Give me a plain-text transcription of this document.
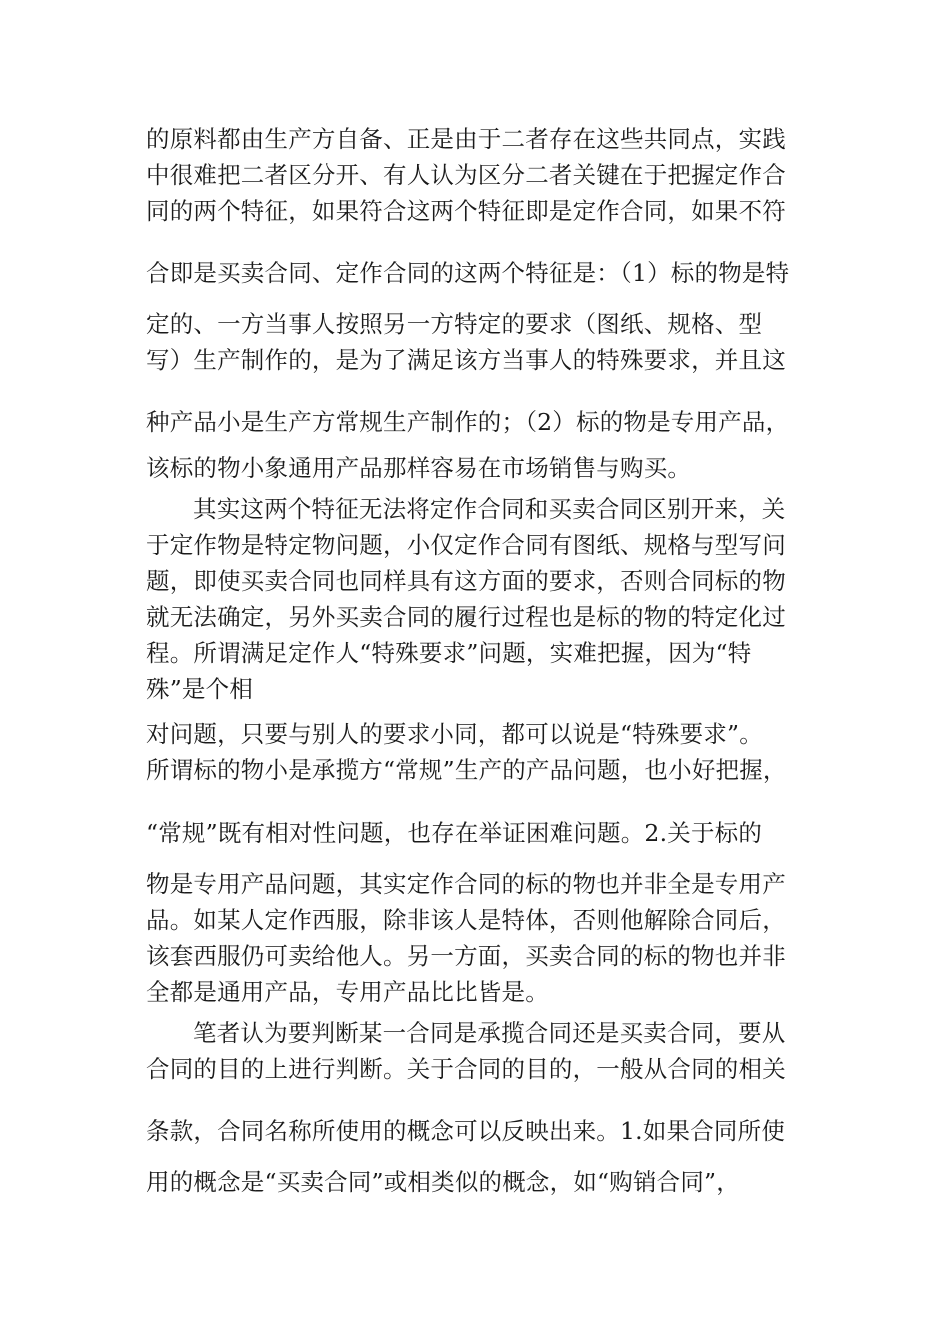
的原料都由生产方自备、正是由于二者存在这些共同点，实践
中很难把二者区分开、有人认为区分二者关键在于把握定作合
同的两个特征，如果符合这两个特征即是定作合同，如果不符
合即是买卖合同、定作合同的这两个特征是：（1）标的物是特
定的、一方当事人按照另一方特定的要求（图纸、规格、型
写）生产制作的，是为了满足该方当事人的特殊要求，并且这
种产品小是生产方常规生产制作的；（2）标的物是专用产品，
该标的物小象通用产品那样容易在市场销售与购买。
其实这两个特征无法将定作合同和买卖合同区别开来，关
于定作物是特定物问题，小仅定作合同有图纸、规格与型写问
题，即使买卖合同也同样具有这方面的要求，否则合同标的物
就无法确定，另外买卖合同的履行过程也是标的物的特定化过
程。所谓满足定作人“特殊要求”问题，实难把握，因为“特
殊”是个相
对问题，只要与别人的要求小同，都可以说是“特殊要求”。
所谓标的物小是承揽方“常规”生产的产品问题，也小好把握，
“常规”既有相对性问题，也存在举证困难问题。2.关于标的
物是专用产品问题，其实定作合同的标的物也并非全是专用产
品。如某人定作西服，除非该人是特体，否则他解除合同后，
该套西服仍可卖给他人。另一方面，买卖合同的标的物也并非
全都是通用产品，专用产品比比皆是。
笔者认为要判断某一合同是承揽合同还是买卖合同，要从
合同的目的上进行判断。关于合同的目的，一般从合同的相关
条款，合同名称所使用的概念可以反映出来。1.如果合同所使
用的概念是“买卖合同”或相类似的概念，如“购销合同”，
